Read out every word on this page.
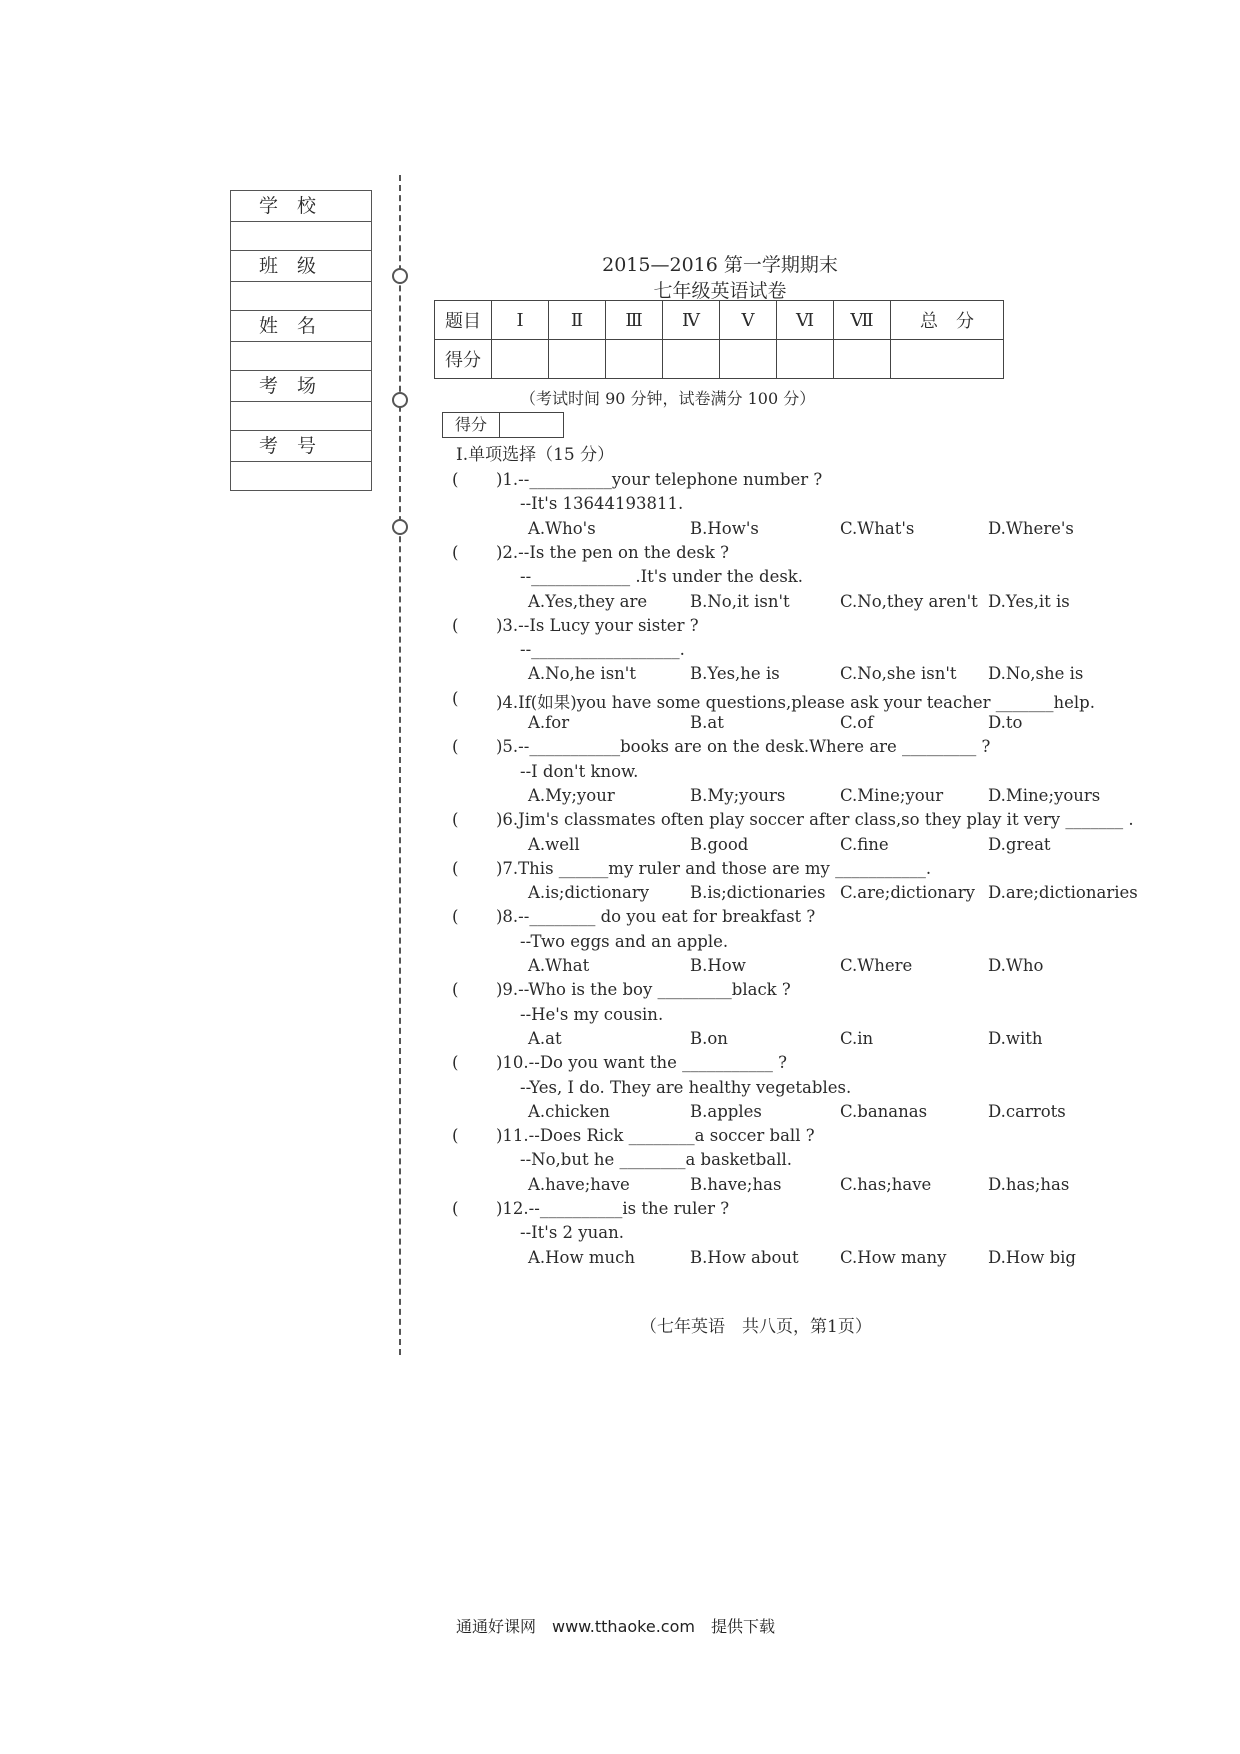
学　校
班　级
姓　名
考　场
考　号
2015—2016 第一学期期末
七年级英语试卷
题目	Ⅰ	Ⅱ	Ⅲ	Ⅳ	Ⅴ	Ⅵ	Ⅶ	总　分
得分								
（考试时间 90 分钟，试卷满分 100 分）
得分
Ⅰ.单项选择（15 分）
( )1.--__________your telephone number ?
--It's 13644193811.
A.Who's	B.How's	C.What's	D.Where's
( )2.--Is the pen on the desk ?
--____________ .It's under the desk.
A.Yes,they are	B.No,it isn't	C.No,they aren't D.Yes,it is
( )3.--Is Lucy your sister ?
--__________________.
A.No,he isn't	B.Yes,he is	C.No,she isn't D.No,she is
( )4.If(如果)you have some questions,please ask your teacher _______help.
A.for	B.at	C.of	D.to
( )5.--___________books are on the desk.Where are _________ ?
--I don't know.
A.My;your	B.My;yours	C.Mine;your	D.Mine;yours
( )6.Jim's classmates often play soccer after class,so they play it very _______ .
A.well	B.good	C.fine	D.great
( )7.This ______my ruler and those are my ___________.
A.is;dictionary B.is;dictionaries C.are;dictionary D.are;dictionaries
( )8.--________ do you eat for breakfast ?
--Two eggs and an apple.
A.What	B.How	C.Where	D.Who
( )9.--Who is the boy _________black ?
--He's my cousin.
A.at	B.on	C.in	D.with
( )10.--Do you want the ___________ ?
--Yes, I do. They are healthy vegetables.
A.chicken	B.apples	C.bananas	D.carrots
( )11.--Does Rick ________a soccer ball ?
--No,but he ________a basketball.
A.have;have	B.have;has	C.has;have	D.has;has
( )12.--__________is the ruler ?
--It's 2 yuan.
A.How much	B.How about	C.How many	D.How big
（七年英语　共八页，第1页）
通通好课网　www.tthaoke.com　提供下载
